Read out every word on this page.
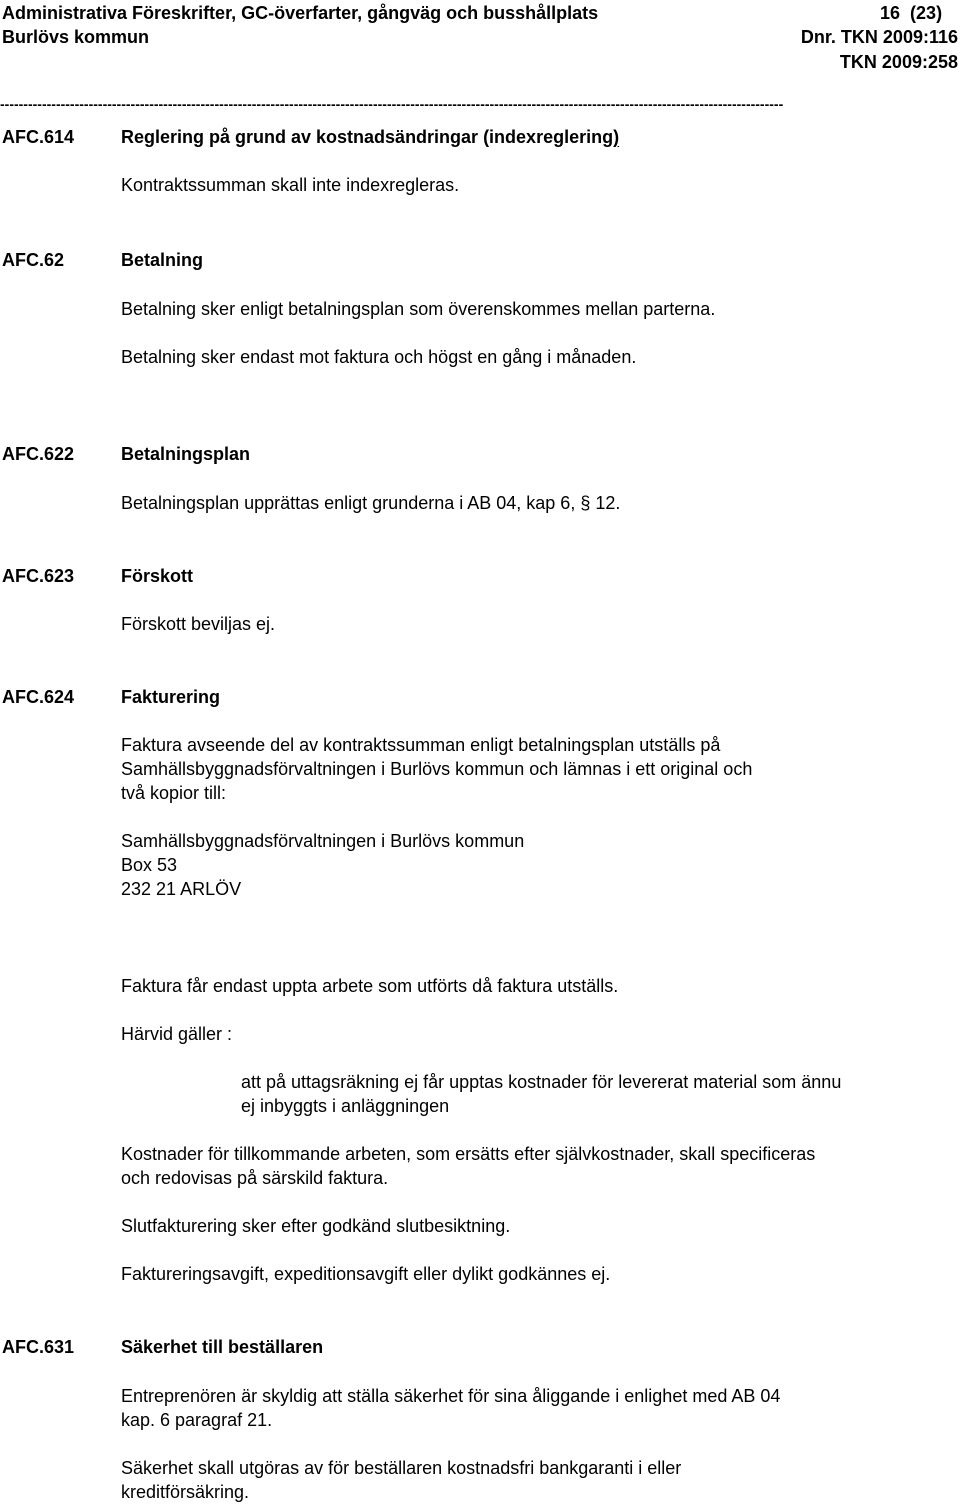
Administrativa Föreskrifter, GC-överfarter, gångväg och busshållplats	16 (23)
Burlövs kommun	Dnr. TKN 2009:116
TKN 2009:258
------------------------------------------------------------------------------------------------------------------------------------------------------------------------
AFC.614	Reglering på grund av kostnadsändringar (indexreglering)
Kontraktssumman skall inte indexregleras.
AFC.62	Betalning
Betalning sker enligt betalningsplan som överenskommes mellan parterna.
Betalning sker endast mot faktura och högst en gång i månaden.
AFC.622	Betalningsplan
Betalningsplan upprättas enligt grunderna i AB 04, kap 6, § 12.
AFC.623	Förskott
Förskott beviljas ej.
AFC.624	Fakturering
Faktura avseende del av kontraktssumman enligt betalningsplan utställs på
Samhällsbyggnadsförvaltningen i Burlövs kommun och lämnas i ett original och
två kopior till:
Samhällsbyggnadsförvaltningen i Burlövs kommun
Box 53
232 21 ARLÖV
Faktura får endast uppta arbete som utförts då faktura utställs.
Härvid gäller :
att på uttagsräkning ej får upptas kostnader för levererat material som ännu
ej inbyggts i anläggningen
Kostnader för tillkommande arbeten, som ersätts efter självkostnader, skall specificeras
och redovisas på särskild faktura.
Slutfakturering sker efter godkänd slutbesiktning.
Faktureringsavgift, expeditionsavgift eller dylikt godkännes ej.
AFC.631	Säkerhet till beställaren
Entreprenören är skyldig att ställa säkerhet för sina åliggande i enlighet med AB 04
kap. 6 paragraf 21.
Säkerhet skall utgöras av för beställaren kostnadsfri bankgaranti i eller
kreditförsäkring.
